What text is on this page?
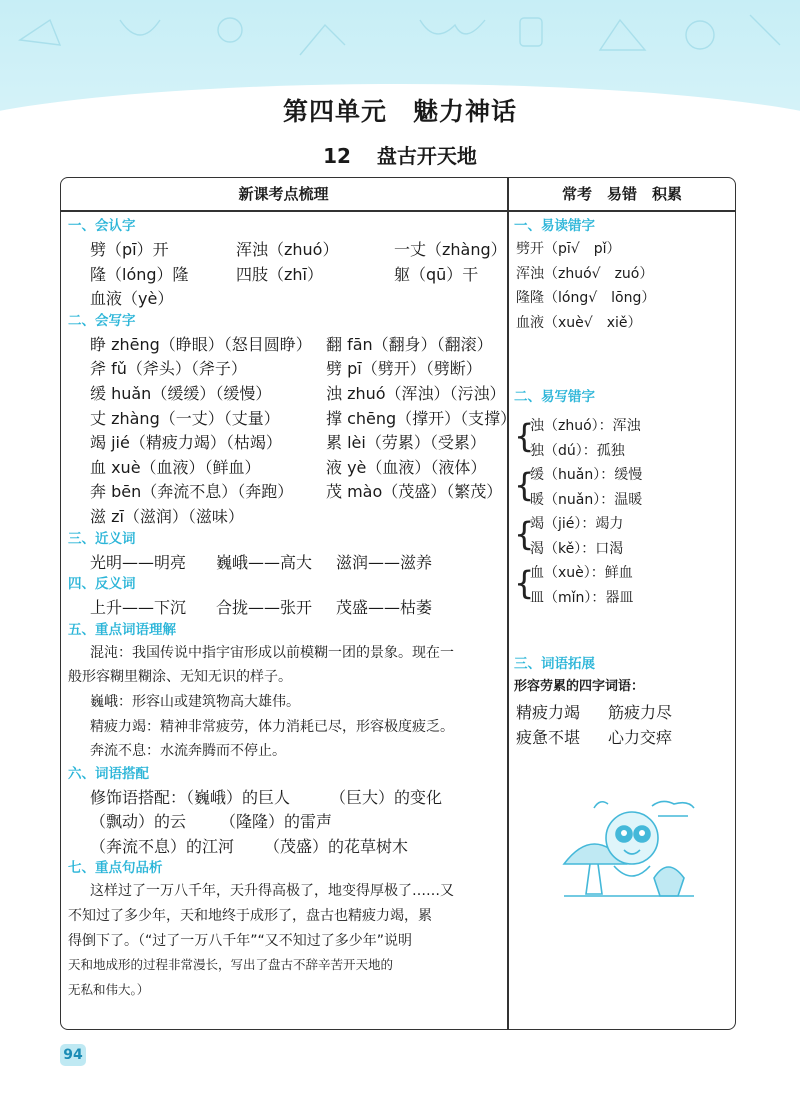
第四单元　魅力神话
12 盘古开天地
新课考点梳理	常考　易错　积累
一、会认字
劈（pī）开	浑浊（zhuó）	一丈（zhàng）
隆（lóng）隆	四肢（zhī）	躯（qū）干
血液（yè）
二、会写字
睁 zhēng（睁眼）（怒目圆睁） 翻 fān（翻身）（翻滚）
斧 fǔ（斧头）（斧子）	劈 pī（劈开）（劈断）
缓 huǎn（缓缓）（缓慢）	浊 zhuó（浑浊）（污浊）
丈 zhàng（一丈）（丈量）	撑 chēng（撑开）（支撑）
竭 jié（精疲力竭）（枯竭）	累 lèi（劳累）（受累）
血 xuè（血液）（鲜血）	液 yè（血液）（液体）
奔 bēn（奔流不息）（奔跑） 茂 mào（茂盛）（繁茂）
滋 zī（滋润）（滋味）
三、近义词
光明——明亮 巍峨——高大 滋润——滋养
四、反义词
上升——下沉 合拢——张开 茂盛——枯萎
五、重点词语理解
混沌：我国传说中指宇宙形成以前模糊一团的景象。现在一
般形容糊里糊涂、无知无识的样子。
巍峨：形容山或建筑物高大雄伟。
精疲力竭：精神非常疲劳，体力消耗已尽，形容极度疲乏。
奔流不息：水流奔腾而不停止。
六、词语搭配
修饰语搭配：（巍峨）的巨人 （巨大）的变化
（飘动）的云 （隆隆）的雷声
（奔流不息）的江河 （茂盛）的花草树木
七、重点句品析
这样过了一万八千年，天升得高极了，地变得厚极了……又
不知过了多少年，天和地终于成形了，盘古也精疲力竭，累
得倒下了。（“过了一万八千年”“又不知过了多少年”说明
天和地成形的过程非常漫长，写出了盘古不辞辛苦开天地的
无私和伟大。）
一、易读错字
劈开（pī√　pǐ）
浑浊（zhuó√　zuó）
隆隆（lóng√　lōng）
血液（xuè√　xiě）
二、易写错字
{
浊（zhuó）：浑浊
独（dú）：孤独
{
缓（huǎn）：缓慢
暖（nuǎn）：温暖
{
竭（jié）：竭力
渴（kě）：口渴
{
血（xuè）：鲜血
皿（mǐn）：器皿
三、词语拓展
形容劳累的四字词语：
精疲力竭 筋疲力尽
疲惫不堪 心力交瘁
94
